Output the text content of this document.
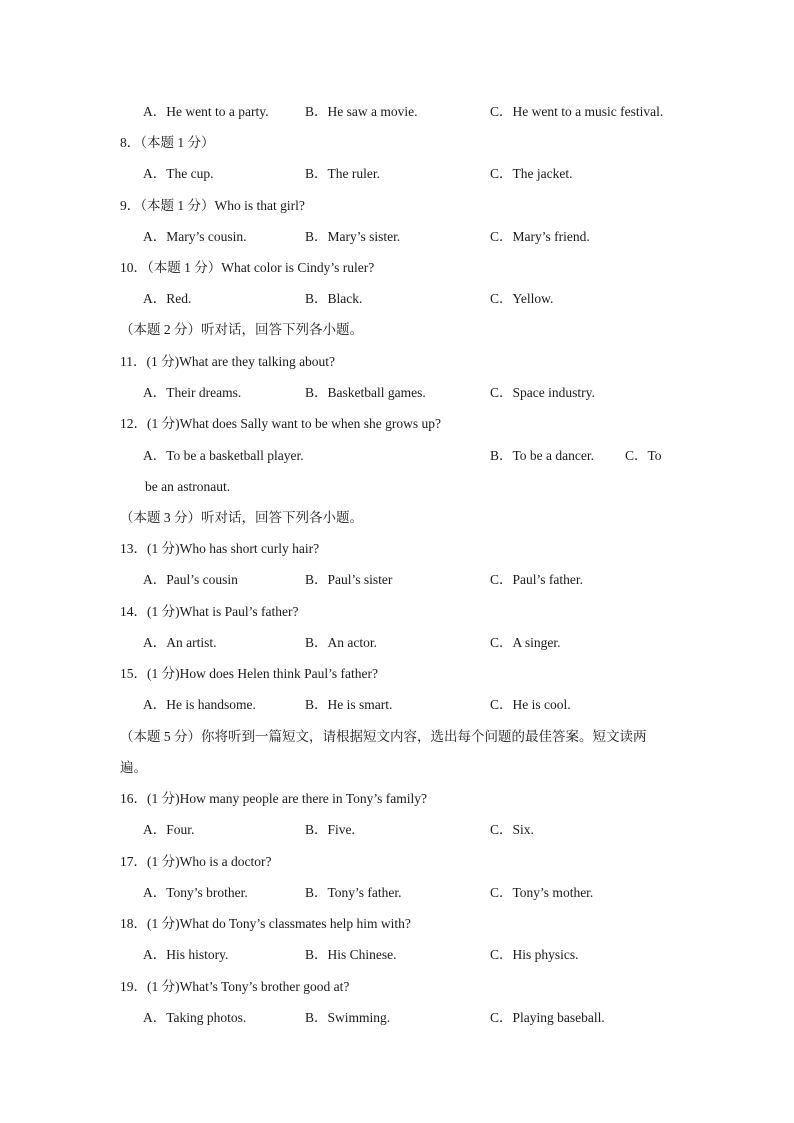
A．He went to a party.	B．He saw a movie.	C．He went to a music festival.
8．（本题 1 分）
A．The cup.	B．The ruler.	C．The jacket.
9．（本题 1 分）Who is that girl?
A．Mary’s cousin.	B．Mary’s sister.	C．Mary’s friend.
10．（本题 1 分）What color is Cindy’s ruler?
A．Red.	B．Black.	C．Yellow.
（本题 2 分）听对话，回答下列各小题。
11．(1 分)What are they talking about?
A．Their dreams.	B．Basketball games.	C．Space industry.
12．(1 分)What does Sally want to be when she grows up?
A．To be a basketball player.	B．To be a dancer. C．To
be an astronaut.
（本题 3 分）听对话，回答下列各小题。
13．(1 分)Who has short curly hair?
A．Paul’s cousin	B．Paul’s sister	C．Paul’s father.
14．(1 分)What is Paul’s father?
A．An artist.	B．An actor.	C．A singer.
15．(1 分)How does Helen think Paul’s father?
A．He is handsome.	B．He is smart.	C．He is cool.
（本题 5 分）你将听到一篇短文，请根据短文内容，选出每个问题的最佳答案。短文读两
遍。
16．(1 分)How many people are there in Tony’s family?
A．Four.	B．Five.	C．Six.
17．(1 分)Who is a doctor?
A．Tony’s brother.	B．Tony’s father.	C．Tony’s mother.
18．(1 分)What do Tony’s classmates help him with?
A．His history.	B．His Chinese.	C．His physics.
19．(1 分)What’s Tony’s brother good at?
A．Taking photos.	B．Swimming.	C．Playing baseball.
